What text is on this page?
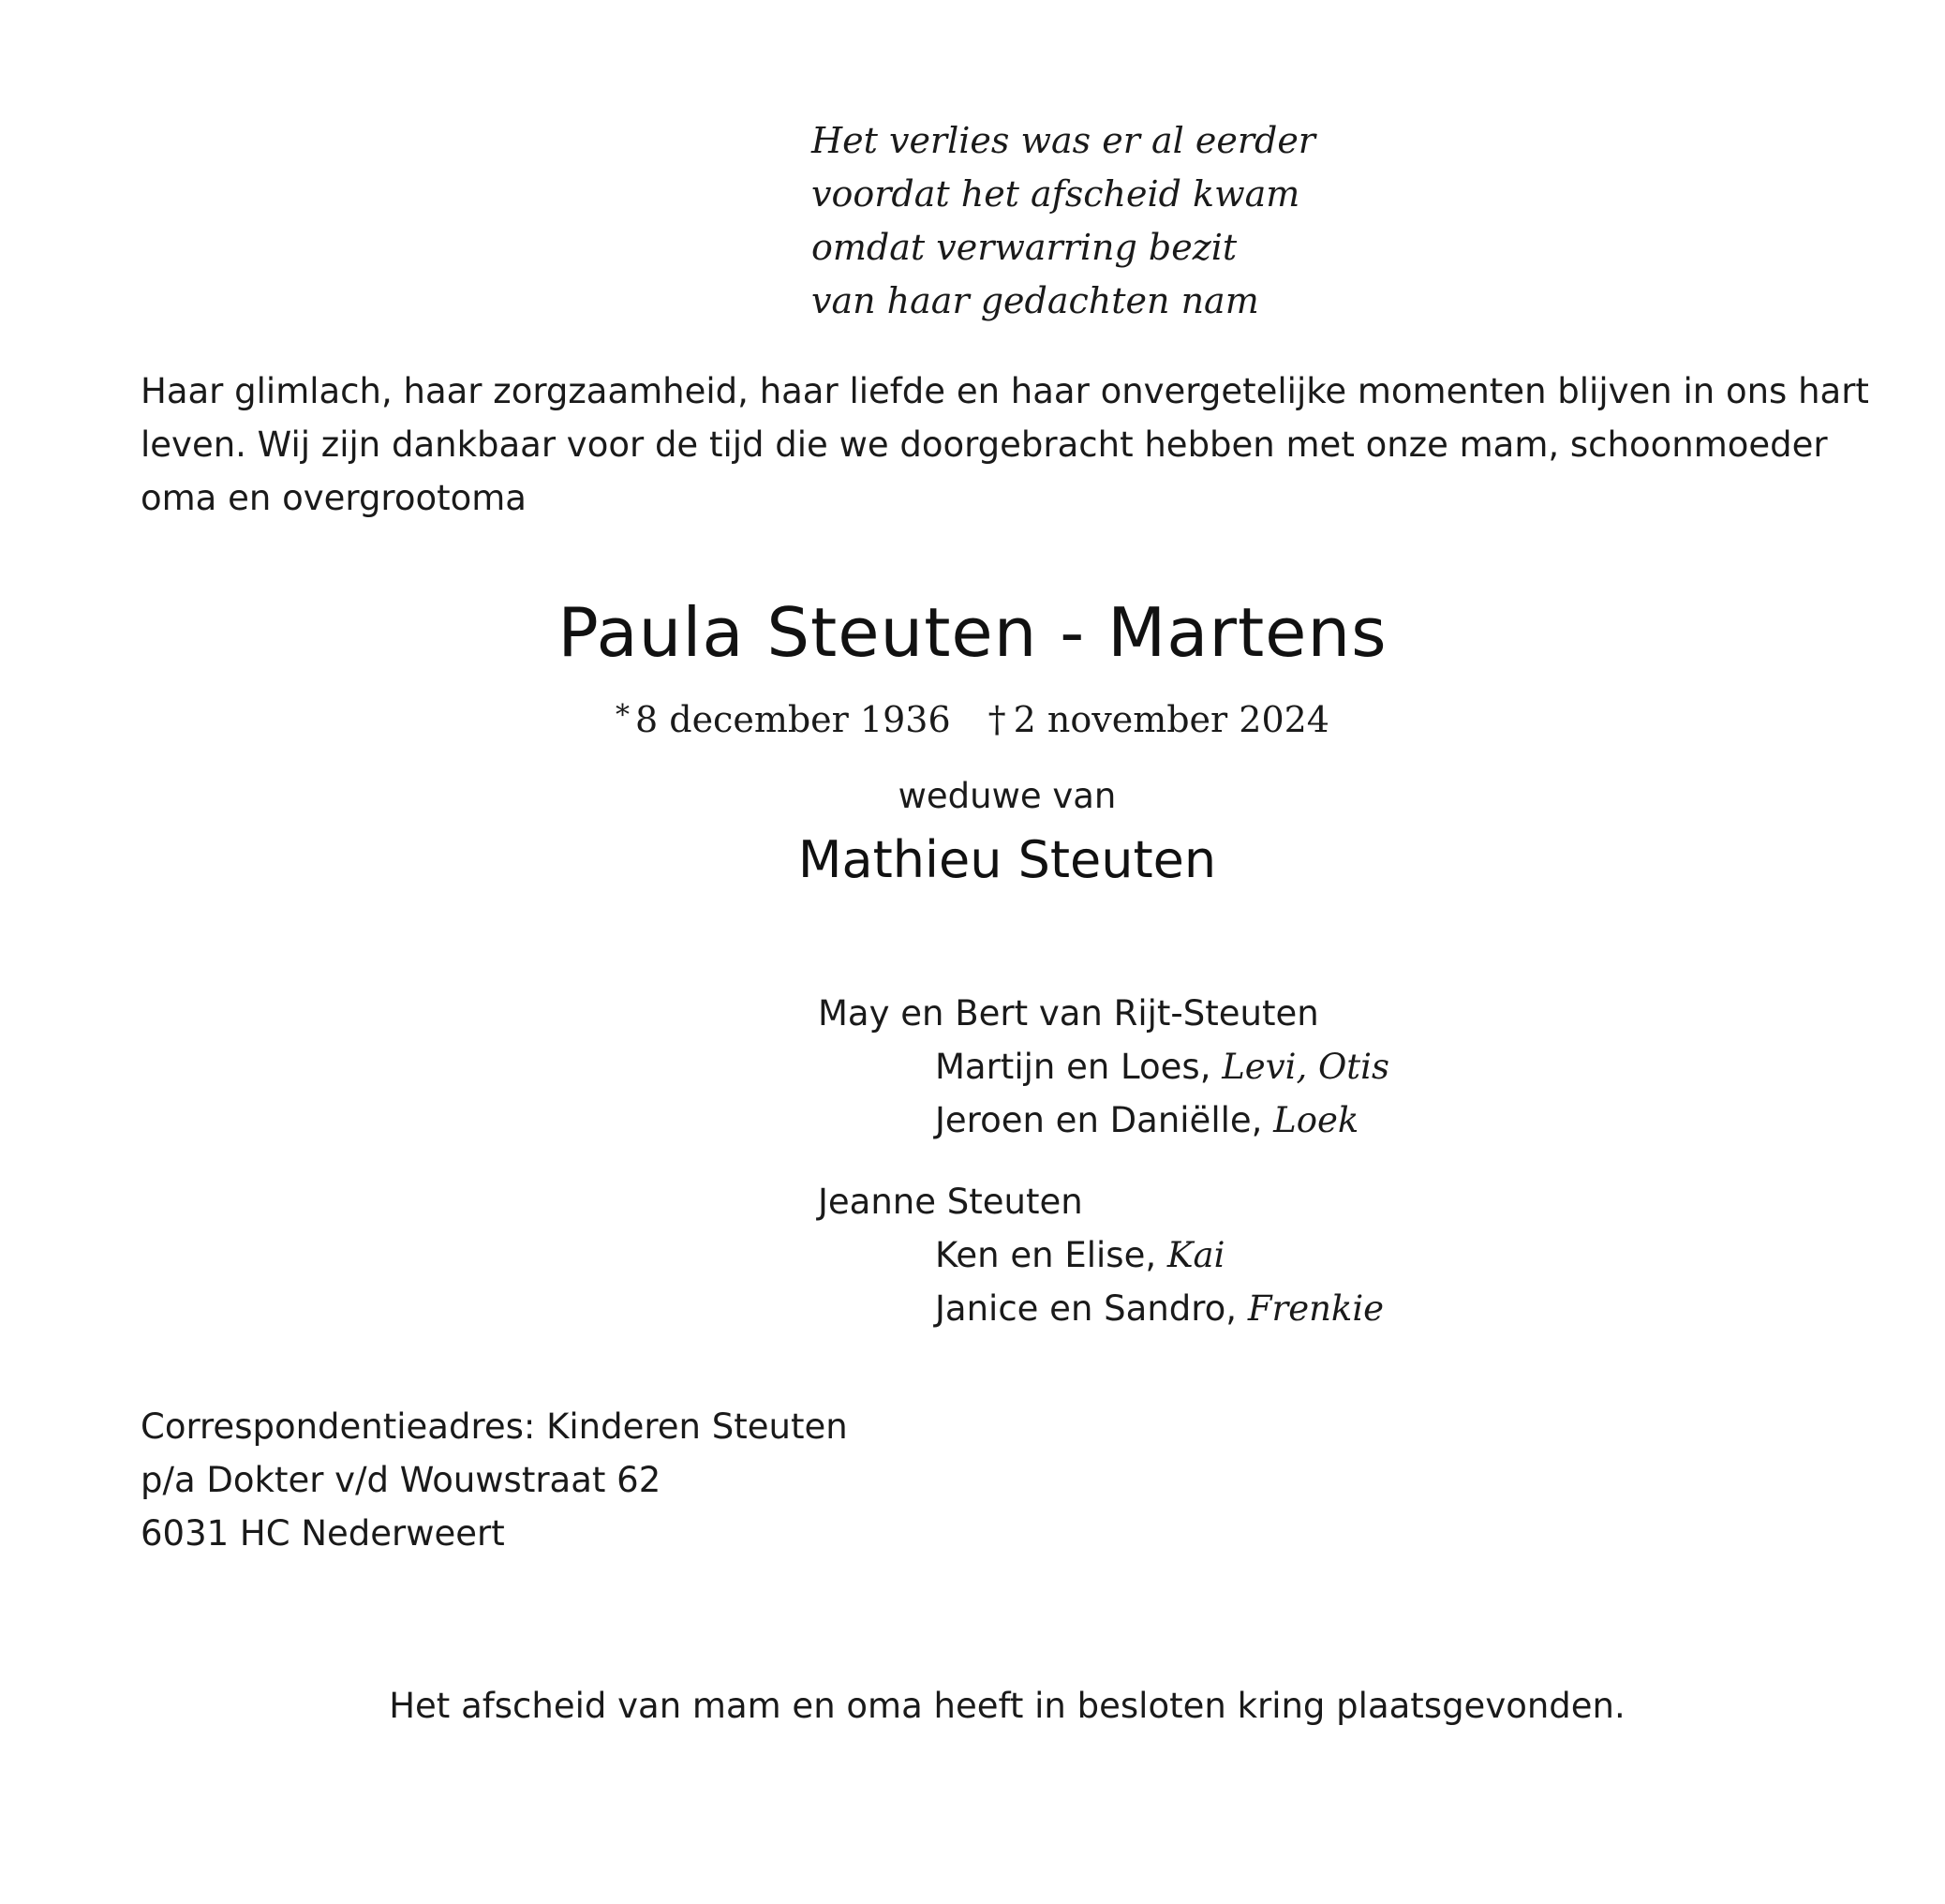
Het verlies was er al eerder
voordat het afscheid kwam
omdat verwarring bezit
van haar gedachten nam
Haar glimlach, haar zorgzaamheid, haar liefde en haar onvergetelijke momenten blijven in ons hart
leven. Wij zijn dankbaar voor de tijd die we doorgebracht hebben met onze mam, schoonmoeder
oma en overgrootoma
Paula Steuten - Martens
* 8 december 1936 † 2 november 2024
weduwe van
Mathieu Steuten
May en Bert van Rijt-Steuten
Martijn en Loes, Levi, Otis
Jeroen en Daniëlle, Loek
Jeanne Steuten
Ken en Elise, Kai
Janice en Sandro, Frenkie
Correspondentieadres: Kinderen Steuten
p/a Dokter v/d Wouwstraat 62
6031 HC Nederweert
Het afscheid van mam en oma heeft in besloten kring plaatsgevonden.
